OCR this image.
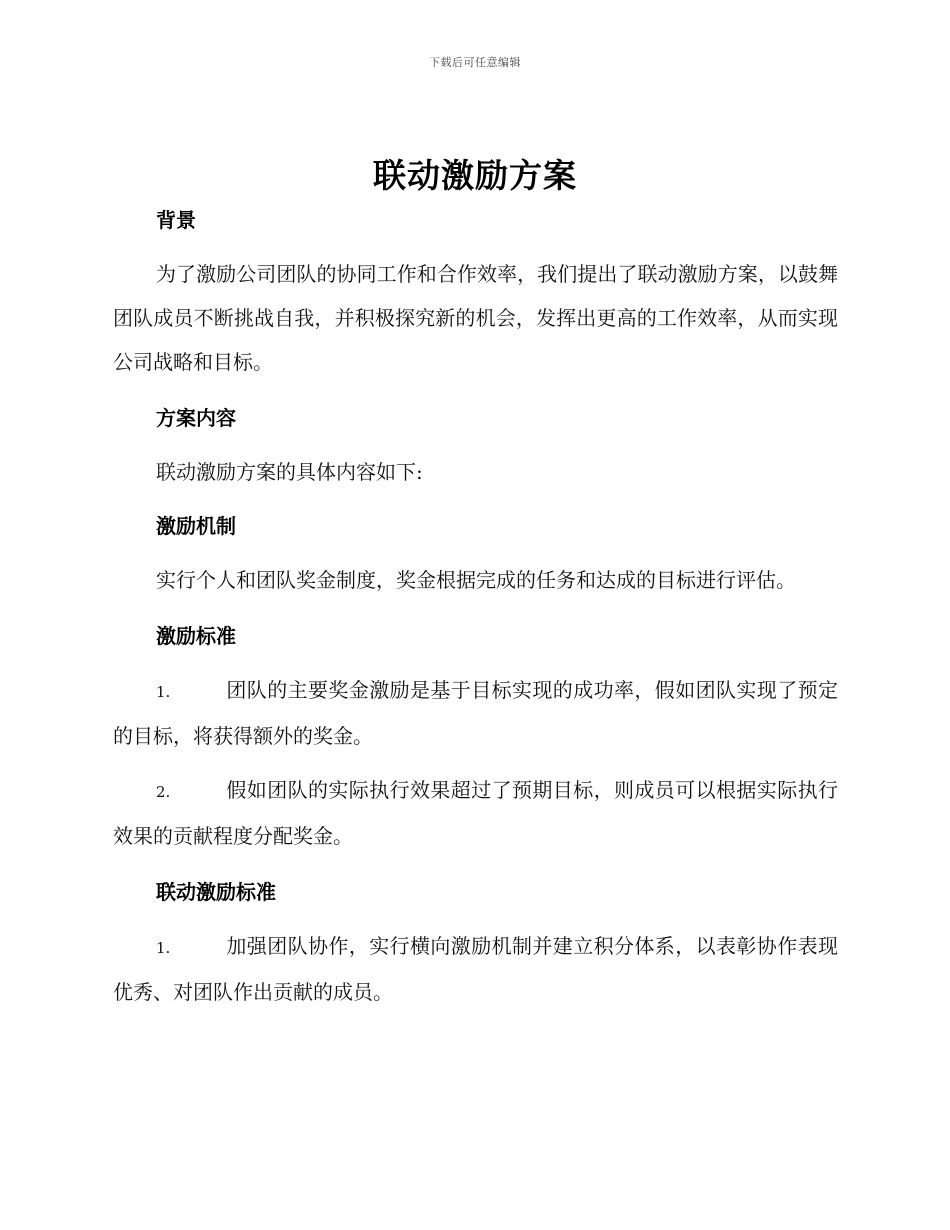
下载后可任意编辑
联动激励方案
背景

为了激励公司团队的协同工作和合作效率，我们提出了联动激励方案，以鼓舞团队成员不断挑战自我，并积极探究新的机会，发挥出更高的工作效率，从而实现公司战略和目标。

方案内容

联动激励方案的具体内容如下:

激励机制

实行个人和团队奖金制度，奖金根据完成的任务和达成的目标进行评估。

激励标准

1.	团队的主要奖金激励是基于目标实现的成功率，假如团队实现了预定的目标，将获得额外的奖金。

2.	假如团队的实际执行效果超过了预期目标，则成员可以根据实际执行效果的贡献程度分配奖金。

联动激励标准

1.	加强团队协作，实行横向激励机制并建立积分体系，以表彰协作表现优秀、对团队作出贡献的成员。
